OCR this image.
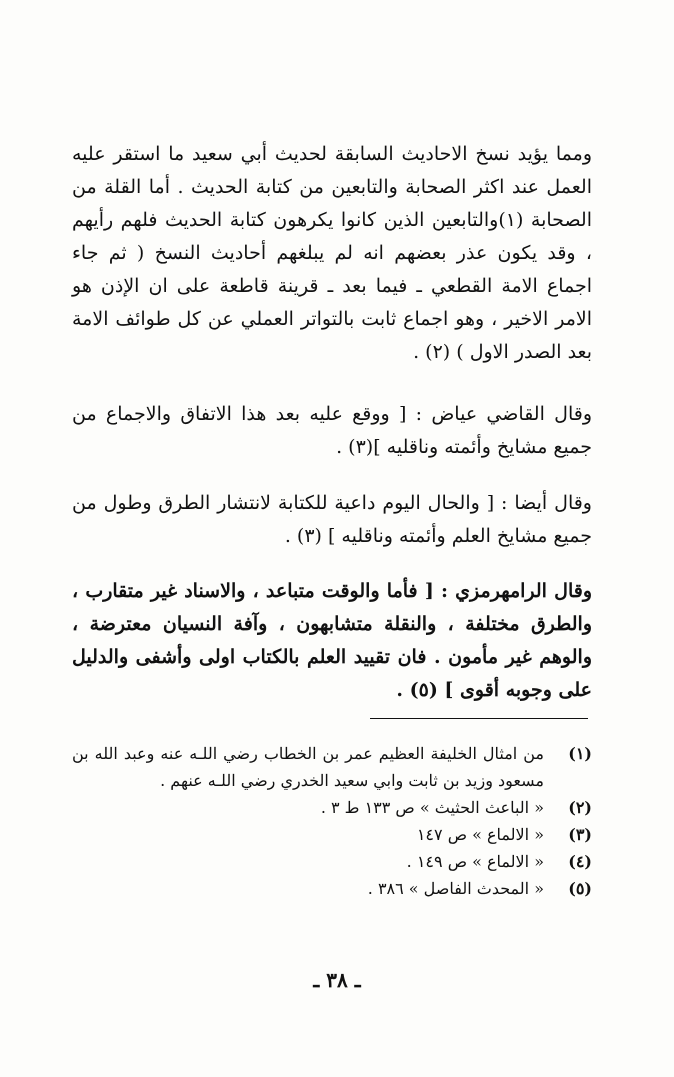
ومما يؤيد نسخ الاحاديث السابقة لحديث أبي سعيد ما استقر عليه العمل عند اكثر الصحابة والتابعين من كتابة الحديث . أما القلة من الصحابة (١)والتابعين الذين كانوا يكرهون كتابة الحديث فلهم رأيهم ، وقد يكون عذر بعضهم انه لم يبلغهم أحاديث النسخ ( ثم جاء اجماع الامة القطعي ـ فيما بعد ـ قرينة قاطعة على ان الإذن هو الامر الاخير ، وهو اجماع ثابت بالتواتر العملي عن كل طوائف الامة بعد الصدر الاول ) (٢) .

وقال القاضي عياض : [ ووقع عليه بعد هذا الاتفاق والاجماع من جميع مشايخ وأئمته وناقليه ](٣) .

وقال أيضا : [ والحال اليوم داعية للكتابة لانتشار الطرق وطول من جميع مشايخ العلم وأئمته وناقليه ] (٣) .

وقال الرامهرمزي : [ فأما والوقت متباعد ، والاسناد غير متقارب ، والطرق مختلفة ، والنقلة متشابهون ، وآفة النسيان معترضة ، والوهم غير مأمون . فان تقييد العلم بالكتاب اولى وأشفى والدليل على وجوبه أقوى ] (٥) .

(١)
من امثال الخليفة العظيم عمر بن الخطاب رضي اللـه عنه وعبد الله بن مسعود وزيد بن ثابت وابي سعيد الخدري رضي اللـه عنهم .
(٢)
« الباعث الحثيث » ص ١٣٣ ط ٣ .
(٣)
« الالماع » ص ١٤٧
(٤)
« الالماع » ص ١٤٩ .
(٥)
« المحدث الفاصل » ٣٨٦ .
ـ ٣٨ ـ
